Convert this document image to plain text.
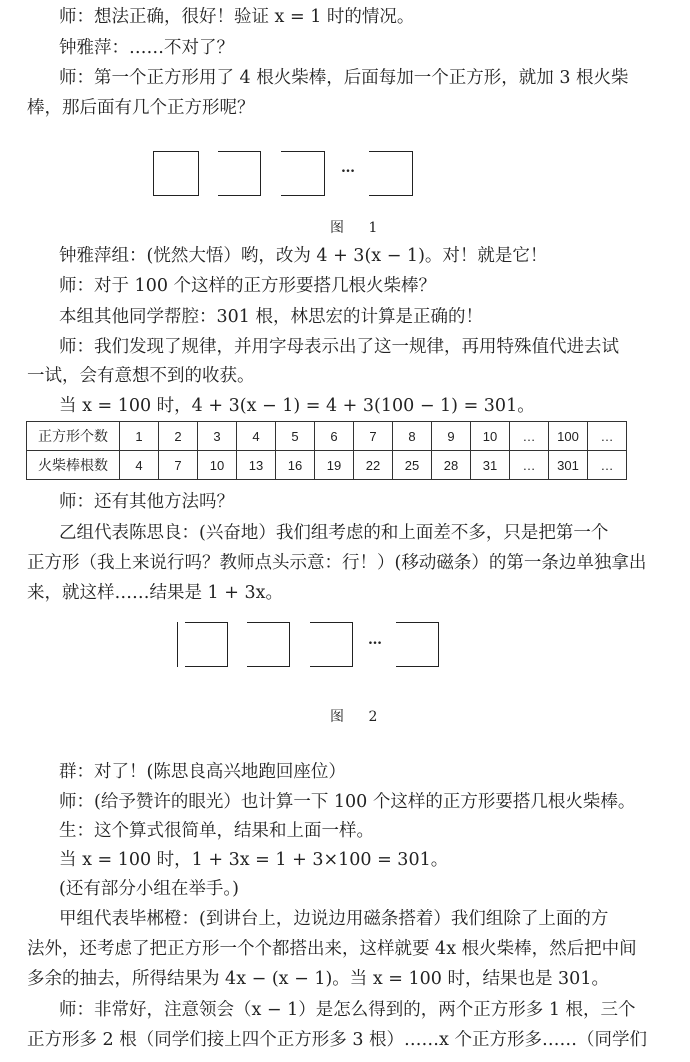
师：想法正确，很好！验证 x = 1 时的情况。
钟雅萍：……不对了？
师：第一个正方形用了 4 根火柴棒，后面每加一个正方形，就加 3 根火柴
棒，那后面有几个正方形呢？
…
图 1
钟雅萍组：(恍然大悟）哟，改为 4 + 3(x − 1)。对！就是它！
师：对于 100 个这样的正方形要搭几根火柴棒？
本组其他同学帮腔：301 根，林思宏的计算是正确的！
师：我们发现了规律，并用字母表示出了这一规律，再用特殊值代进去试
一试，会有意想不到的收获。
当 x = 100 时，4 + 3(x − 1) = 4 + 3(100 − 1) = 301。
正方形个数	1	2	3	4	5	6	7	8	9	10	…	100	…
火柴棒根数	4	7	10	13	16	19	22	25	28	31	…	301	…
师：还有其他方法吗？
乙组代表陈思良：(兴奋地）我们组考虑的和上面差不多，只是把第一个
正方形（我上来说行吗？教师点头示意：行！）(移动磁条）的第一条边单独拿出
来，就这样……结果是 1 + 3x。
…
图 2
群：对了！(陈思良高兴地跑回座位）
师：(给予赞许的眼光）也计算一下 100 个这样的正方形要搭几根火柴棒。
生：这个算式很简单，结果和上面一样。
当 x = 100 时，1 + 3x = 1 + 3×100 = 301。
(还有部分小组在举手。)
甲组代表毕郴橙：(到讲台上，边说边用磁条搭着）我们组除了上面的方
法外，还考虑了把正方形一个个都搭出来，这样就要 4x 根火柴棒，然后把中间
多余的抽去，所得结果为 4x − (x − 1)。当 x = 100 时，结果也是 301。
师：非常好，注意领会（x − 1）是怎么得到的，两个正方形多 1 根，三个
正方形多 2 根（同学们接上四个正方形多 3 根）……x 个正方形多……（同学们
